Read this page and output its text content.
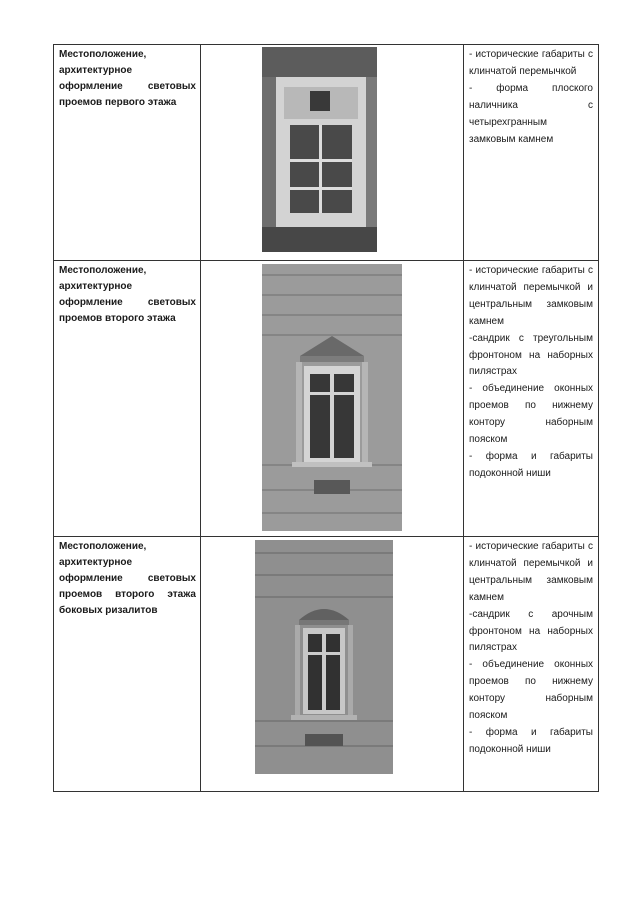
Местоположение, архитектурное оформление световых проемов первого этажа		- исторические габариты с клинчатой перемычкой
- форма плоского наличника с четырехгранным замковым камнем

Местоположение, архитектурное оформление световых проемов второго этажа		- исторические габариты с клинчатой перемычкой и центральным замковым камнем
-сандрик с треугольным фронтоном на наборных пилястрах
- объединение оконных проемов по нижнему контору наборным пояском
- форма и габариты подоконной ниши

Местоположение, архитектурное оформление световых проемов второго этажа боковых ризалитов		- исторические габариты с клинчатой перемычкой и центральным замковым камнем
-сандрик с арочным фронтоном на наборных пилястрах
- объединение оконных проемов по нижнему контору наборным пояском
- форма и габариты подоконной ниши
